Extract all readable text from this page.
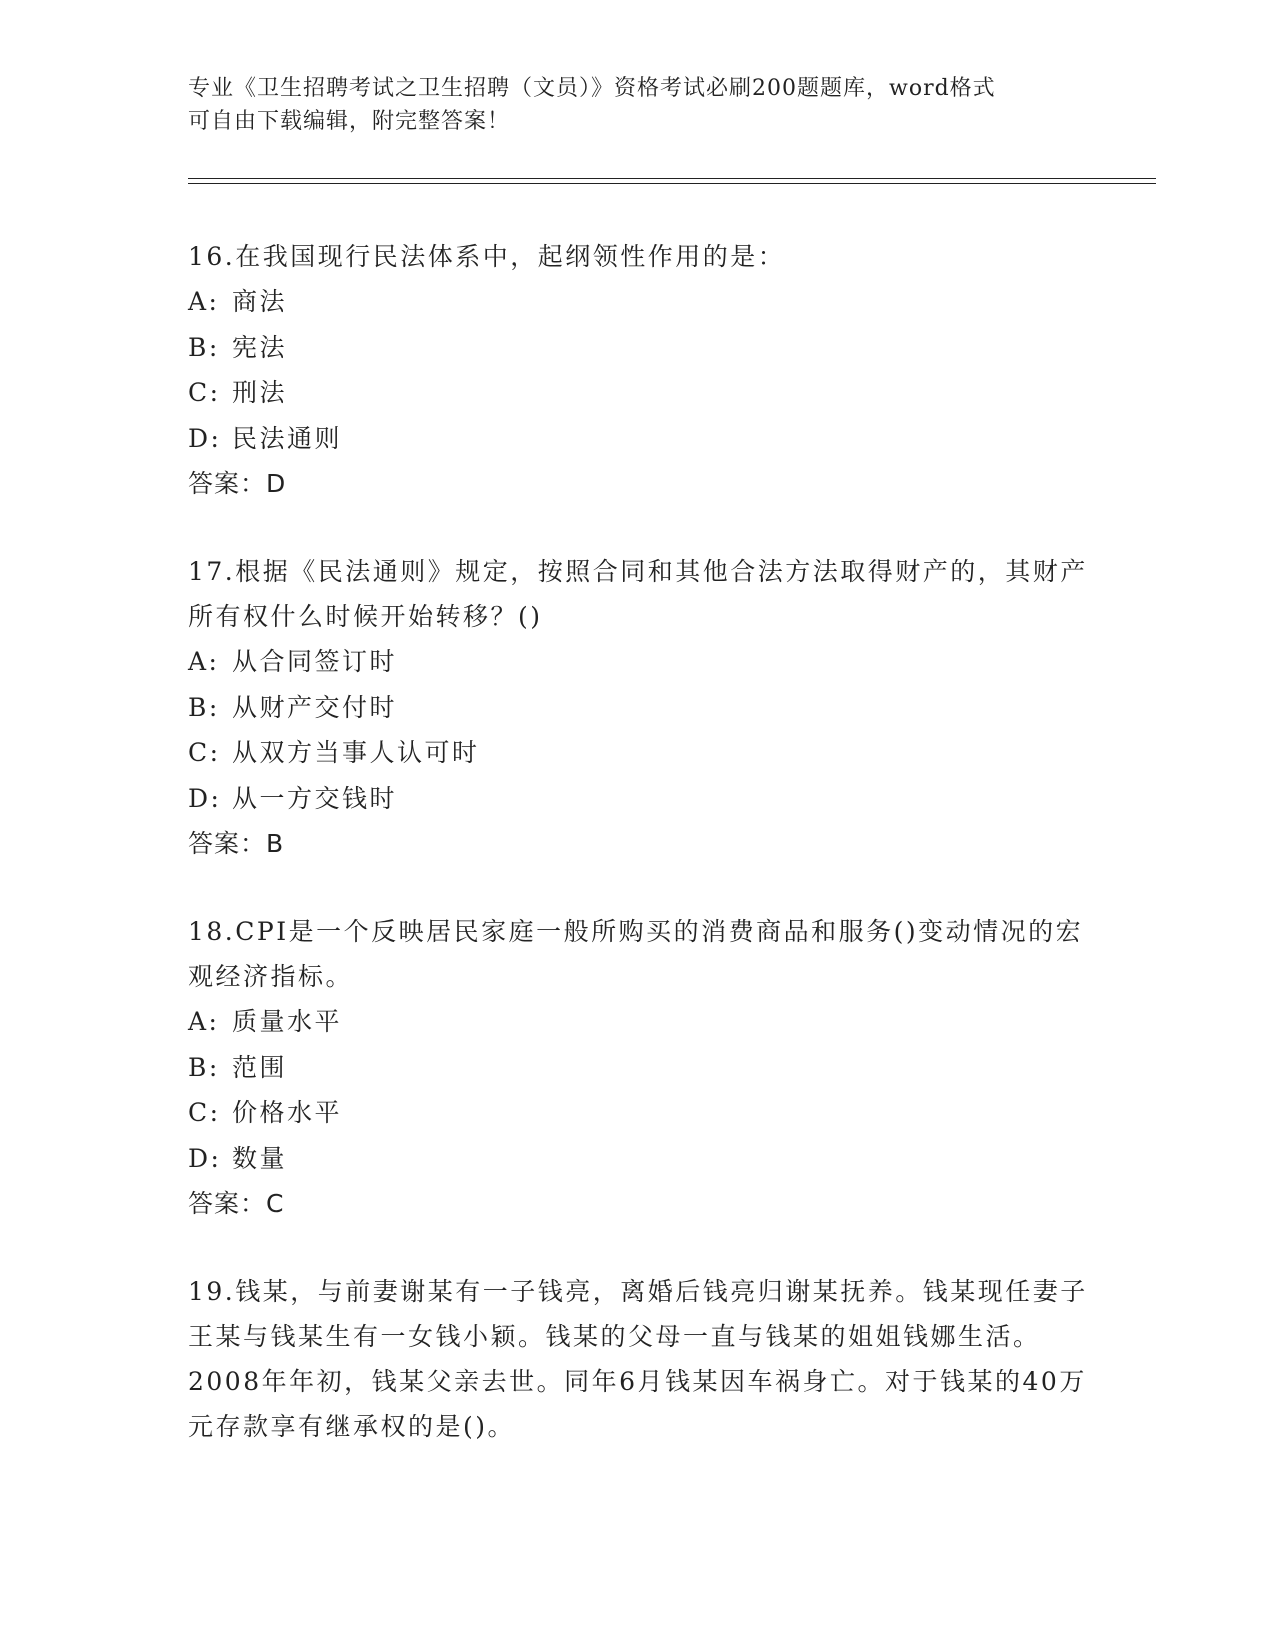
专业《卫生招聘考试之卫生招聘（文员）》资格考试必刷200题题库，word格式
可自由下载编辑，附完整答案！

16.在我国现行民法体系中，起纲领性作用的是：

A: 商法
B: 宪法
C: 刑法
D: 民法通则
答案：D

17.根据《民法通则》规定，按照合同和其他合法方法取得财产的，其财产所有权什么时候开始转移？()

A: 从合同签订时
B: 从财产交付时
C: 从双方当事人认可时
D: 从一方交钱时
答案：B

18.CPI是一个反映居民家庭一般所购买的消费商品和服务()变动情况的宏观经济指标。

A: 质量水平
B: 范围
C: 价格水平
D: 数量
答案：C

19.钱某，与前妻谢某有一子钱亮，离婚后钱亮归谢某抚养。钱某现任妻子王某与钱某生有一女钱小颖。钱某的父母一直与钱某的姐姐钱娜生活。2008年年初，钱某父亲去世。同年6月钱某因车祸身亡。对于钱某的40万元存款享有继承权的是()。
